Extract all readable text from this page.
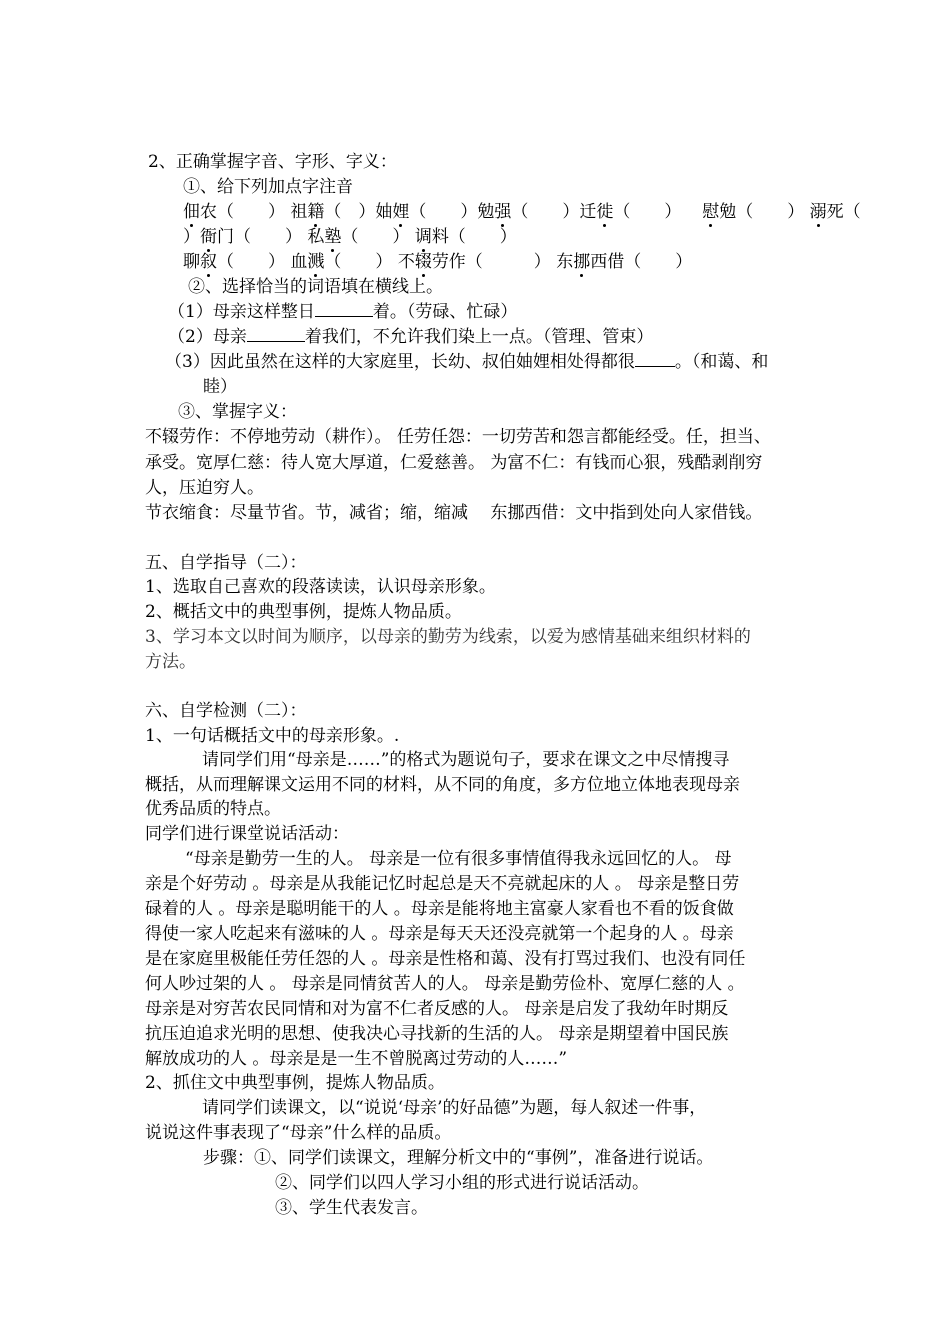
2、正确掌握字音、字形、字义：
①、给下列加点字注音
佃农（　　） 祖籍（　）妯娌（　　）勉强（　　）迁徙（　　） 慰勉（　　） 溺死（　
）衙门（　　） 私塾（　　） 调料（　　）
聊叙（　　） 血溅（　　） 不辍劳作（　　　） 东挪西借（　　）
②、选择恰当的词语填在横线上。
（1）母亲这样整日	着。（劳碌、忙碌）
（2）母亲	着我们，不允许我们染上一点。（管理、管束）
（3）因此虽然在这样的大家庭里，长幼、叔伯妯娌相处得都很 。（和蔼、和
睦）
③、掌握字义：
不辍劳作：不停地劳动（耕作）。 任劳任怨：一切劳苦和怨言都能经受。任，担当、
承受。宽厚仁慈：待人宽大厚道，仁爱慈善。 为富不仁：有钱而心狠，残酷剥削穷
人，压迫穷人。
节衣缩食：尽量节省。节，减省；缩，缩减　 东挪西借：文中指到处向人家借钱。
五、自学指导（二）：
1、选取自己喜欢的段落读读，认识母亲形象。
2、概括文中的典型事例，提炼人物品质。
3、学习本文以时间为顺序，以母亲的勤劳为线索，以爱为感情基础来组织材料的
方法。
六、自学检测（二）：
1、一句话概括文中的母亲形象。.
　　请同学们用“母亲是……”的格式为题说句子，要求在课文之中尽情搜寻
概括，从而理解课文运用不同的材料，从不同的角度，多方位地立体地表现母亲
优秀品质的特点。
同学们进行课堂说话活动：
　“母亲是勤劳一生的人。 母亲是一位有很多事情值得我永远回忆的人。 母
亲是个好劳动 。母亲是从我能记忆时起总是天不亮就起床的人 。 母亲是整日劳
碌着的人 。母亲是聪明能干的人 。母亲是能将地主富豪人家看也不看的饭食做
得使一家人吃起来有滋味的人 。母亲是每天天还没亮就第一个起身的人 。母亲
是在家庭里极能任劳任怨的人 。母亲是性格和蔼、没有打骂过我们、也没有同任
何人吵过架的人 。 母亲是同情贫苦人的人。 母亲是勤劳俭朴、宽厚仁慈的人 。
母亲是对穷苦农民同情和对为富不仁者反感的人。 母亲是启发了我幼年时期反
抗压迫追求光明的思想、使我决心寻找新的生活的人。 母亲是期望着中国民族
解放成功的人 。母亲是是一生不曾脱离过劳动的人……”
2、抓住文中典型事例，提炼人物品质。
　　请同学们读课文，以“说说‘母亲’的好品德”为题，每人叙述一件事，
说说这件事表现了“母亲”什么样的品质。
步骤：①、同学们读课文，理解分析文中的“事例”，准备进行说话。
②、同学们以四人学习小组的形式进行说话活动。
③、学生代表发言。
